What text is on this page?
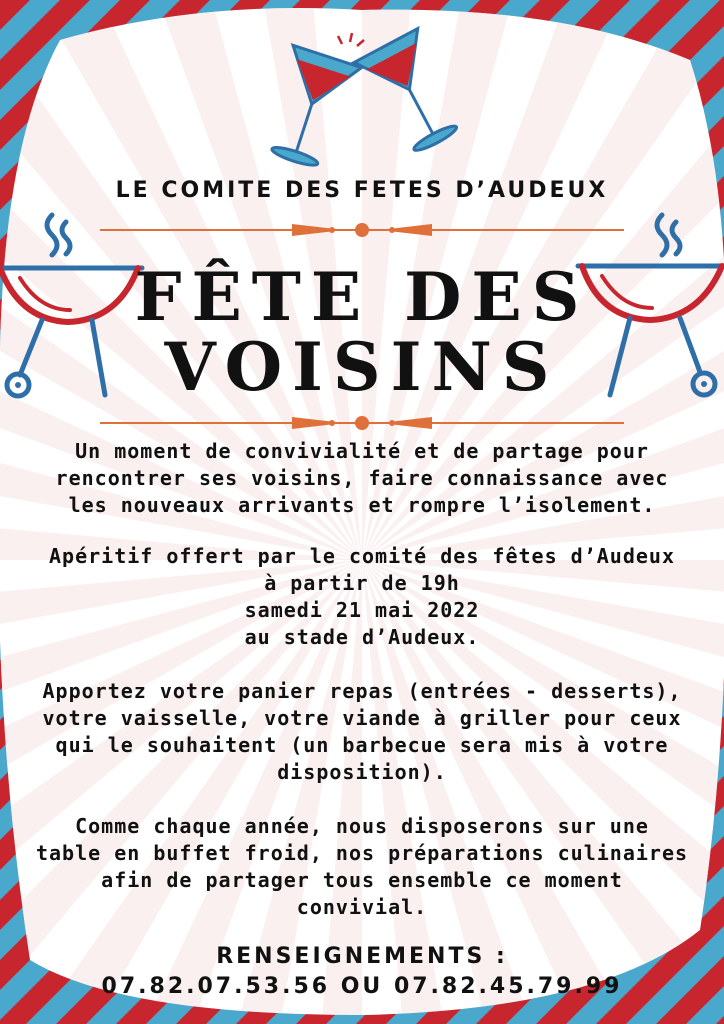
LE COMITE DES FETES D’AUDEUX
FÊTE DES
VOISINS
Un moment de convivialité et de partage pour
rencontrer ses voisins, faire connaissance avec
les nouveaux arrivants et rompre l’isolement.
Apéritif offert par le comité des fêtes d’Audeux
à partir de 19h
samedi 21 mai 2022
au stade d’Audeux.
Apportez votre panier repas (entrées - desserts),
votre vaisselle, votre viande à griller pour ceux
qui le souhaitent (un barbecue sera mis à votre
disposition).
Comme chaque année, nous disposerons sur une
table en buffet froid, nos préparations culinaires
afin de partager tous ensemble ce moment
convivial.
RENSEIGNEMENTS :
07.82.07.53.56 OU 07.82.45.79.99
